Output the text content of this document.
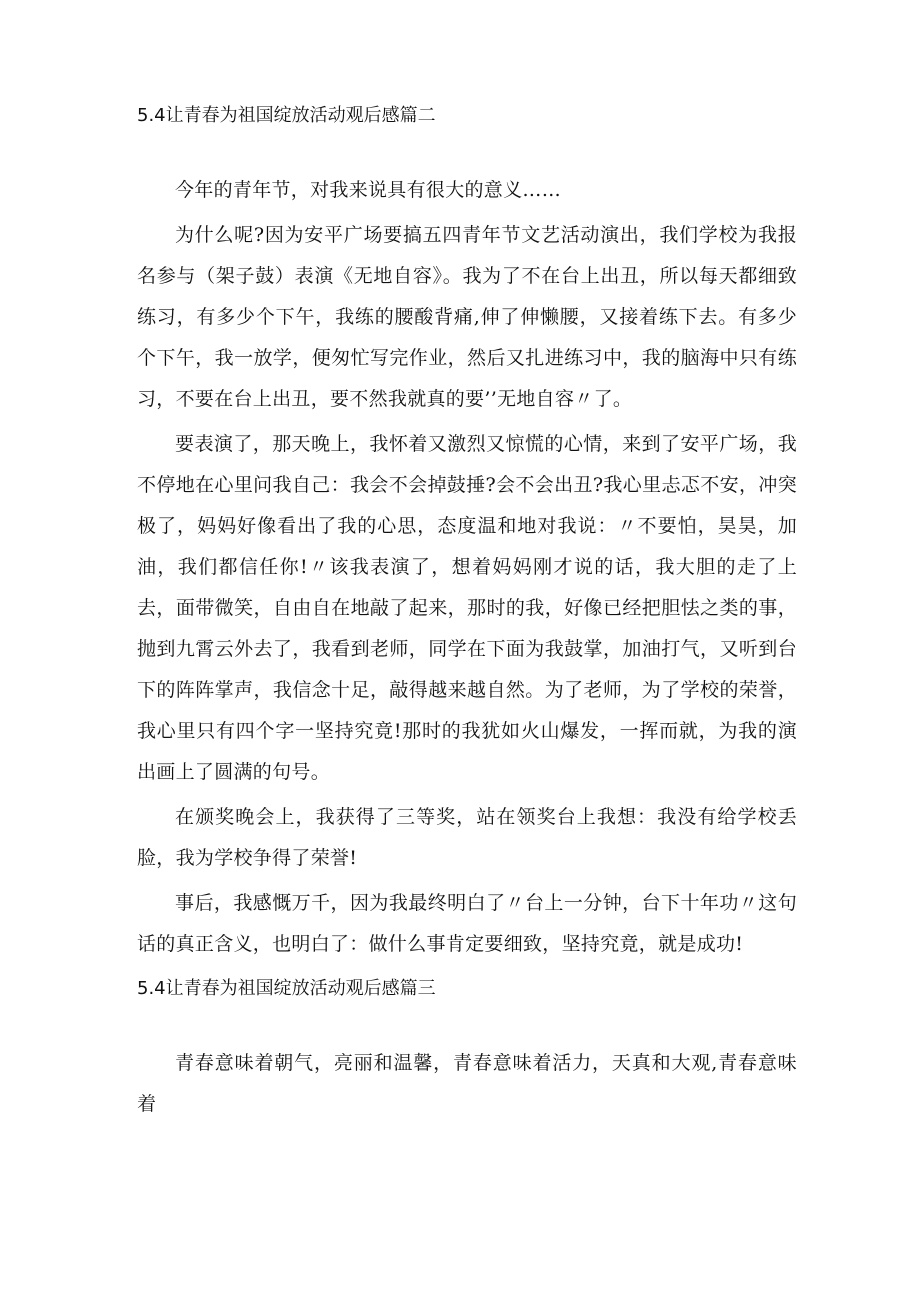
5.4让青春为祖国绽放活动观后感篇二

今年的青年节，对我来说具有很大的意义……

为什么呢?因为安平广场要搞五四青年节文艺活动演出，我们学校为我报名参与（架子鼓）表演《无地自容》。我为了不在台上出丑，所以每天都细致练习，有多少个下午，我练的腰酸背痛,伸了伸懒腰，又接着练下去。有多少个下午，我一放学，便匆忙写完作业，然后又扎进练习中，我的脑海中只有练习，不要在台上出丑，要不然我就真的要’’无地自容〃了。

要表演了，那天晚上，我怀着又激烈又惊慌的心情，来到了安平广场，我不停地在心里问我自己：我会不会掉鼓捶?会不会出丑?我心里忐忑不安，冲突极了，妈妈好像看出了我的心思，态度温和地对我说：〃不要怕，昊昊，加油，我们都信任你!〃该我表演了，想着妈妈刚才说的话，我大胆的走了上去，面带微笑，自由自在地敲了起来，那时的我，好像已经把胆怯之类的事，抛到九霄云外去了，我看到老师，同学在下面为我鼓掌，加油打气，又听到台下的阵阵掌声，我信念十足，敲得越来越自然。为了老师，为了学校的荣誉，我心里只有四个字一坚持究竟!那时的我犹如火山爆发，一挥而就，为我的演出画上了圆满的句号。

在颁奖晚会上，我获得了三等奖，站在领奖台上我想：我没有给学校丢脸，我为学校争得了荣誉!

事后，我感慨万千，因为我最终明白了〃台上一分钟，台下十年功〃这句话的真正含义，也明白了：做什么事肯定要细致，坚持究竟，就是成功!

5.4让青春为祖国绽放活动观后感篇三

青春意味着朝气，亮丽和温馨，青春意味着活力，天真和大观,青春意味着
